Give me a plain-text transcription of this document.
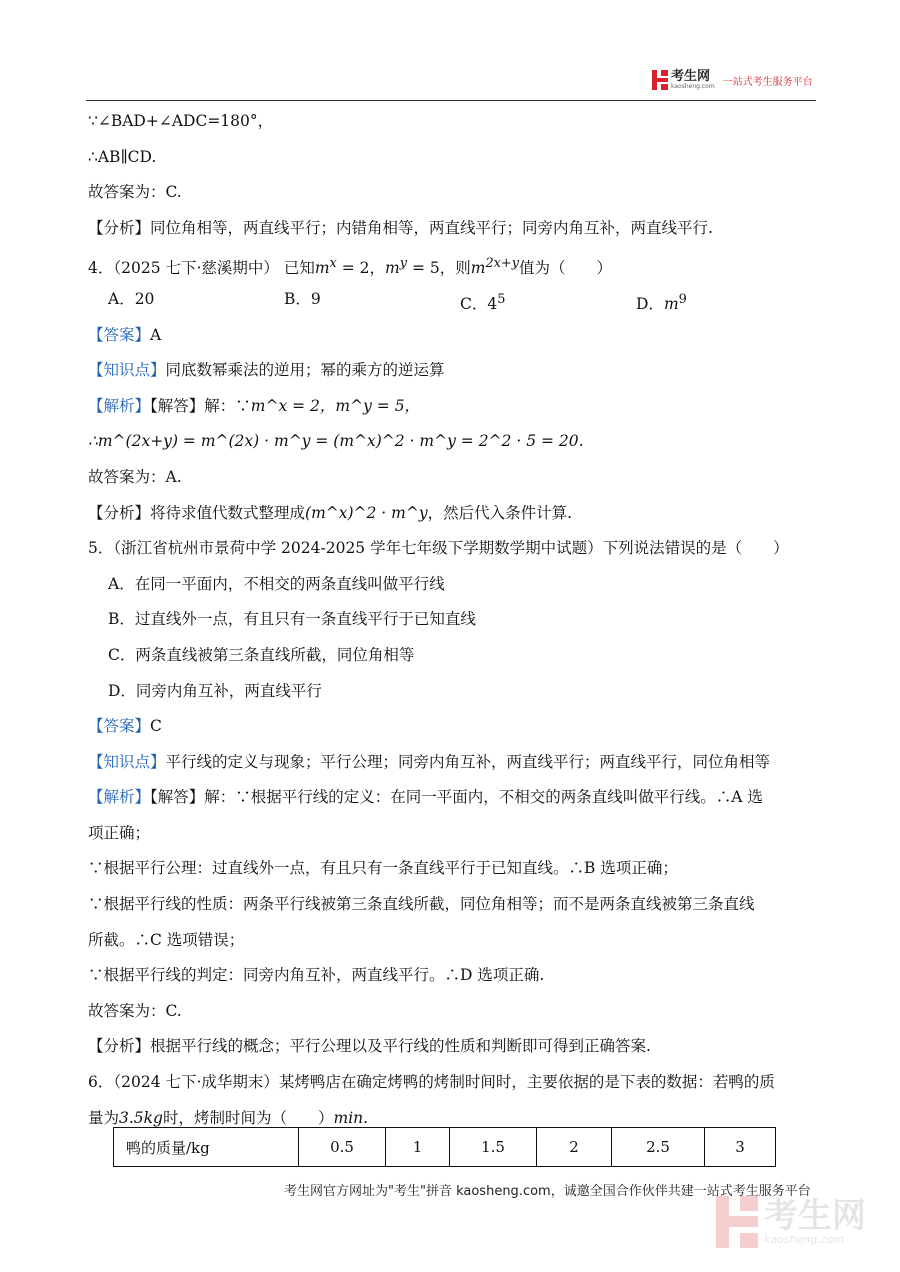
考生网
kaosheng.com 一站式考生服务平台
∵∠BAD+∠ADC=180°，
∴AB∥CD.
故答案为：C.
【分析】同位角相等，两直线平行；内错角相等，两直线平行；同旁内角互补，两直线平行.
4．（2025 七下·慈溪期中） 已知$m^x = 2$，$m^y = 5$，则$m^{2x+y}$值为（　　）
A．20	B．9	C．$4^5$	D．$m^9$
【答案】A
【知识点】同底数幂乘法的逆用；幂的乘方的逆运算
【解析】【解答】解：∵m^x = 2，m^y = 5，
∴m^(2x+y) = m^(2x) · m^y = (m^x)^2 · m^y = 2^2 · 5 = 20.
故答案为：A.
【分析】将待求值代数式整理成(m^x)^2 · m^y，然后代入条件计算.
5．（浙江省杭州市景荷中学 2024-2025 学年七年级下学期数学期中试题）下列说法错误的是（　　）
A．在同一平面内，不相交的两条直线叫做平行线
B．过直线外一点，有且只有一条直线平行于已知直线
C．两条直线被第三条直线所截，同位角相等
D．同旁内角互补，两直线平行
【答案】C
【知识点】平行线的定义与现象；平行公理；同旁内角互补，两直线平行；两直线平行，同位角相等
【解析】【解答】解：∵根据平行线的定义：在同一平面内，不相交的两条直线叫做平行线。∴A 选
项正确；
∵根据平行公理：过直线外一点，有且只有一条直线平行于已知直线。∴B 选项正确；
∵根据平行线的性质：两条平行线被第三条直线所截，同位角相等；而不是两条直线被第三条直线
所截。∴C 选项错误；
∵根据平行线的判定：同旁内角互补，两直线平行。∴D 选项正确.
故答案为：C.
【分析】根据平行线的概念；平行公理以及平行线的性质和判断即可得到正确答案.
6．（2024 七下·成华期末）某烤鸭店在确定烤鸭的烤制时间时，主要依据的是下表的数据：若鸭的质
量为3.5kg时，烤制时间为（　　）min.
鸭的质量/kg	0.5	1	1.5	2	2.5	3
考生网官方网址为"考生"拼音 kaosheng.com，诚邀全国合作伙伴共建一站式考生服务平台
考生网
kaosheng.com
